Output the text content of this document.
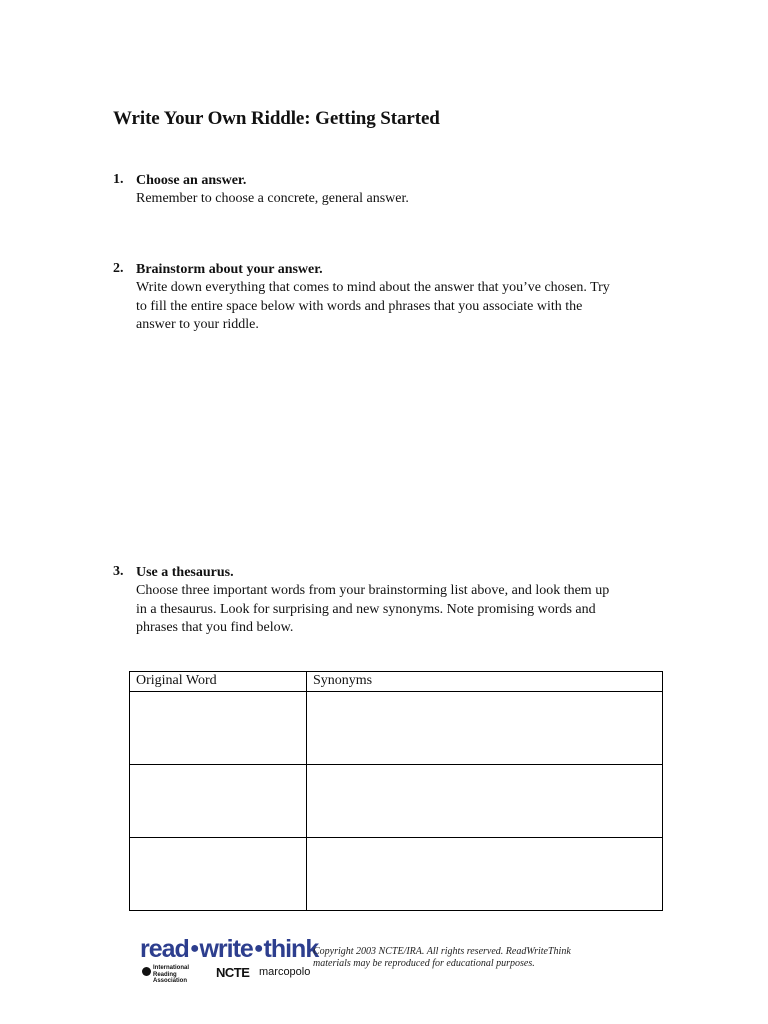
Write Your Own Riddle: Getting Started
1. Choose an answer.
Remember to choose a concrete, general answer.
2. Brainstorm about your answer.
Write down everything that comes to mind about the answer that you’ve chosen. Try
to fill the entire space below with words and phrases that you associate with the
answer to your riddle.
3. Use a thesaurus.
Choose three important words from your brainstorming list above, and look them up
in a thesaurus. Look for surprising and new synonyms. Note promising words and
phrases that you find below.
Original Word	Synonyms

read●write●think
International Reading Association
NCTE marcopolo
Copyright 2003 NCTE/IRA. All rights reserved. ReadWriteThink
materials may be reproduced for educational purposes.
